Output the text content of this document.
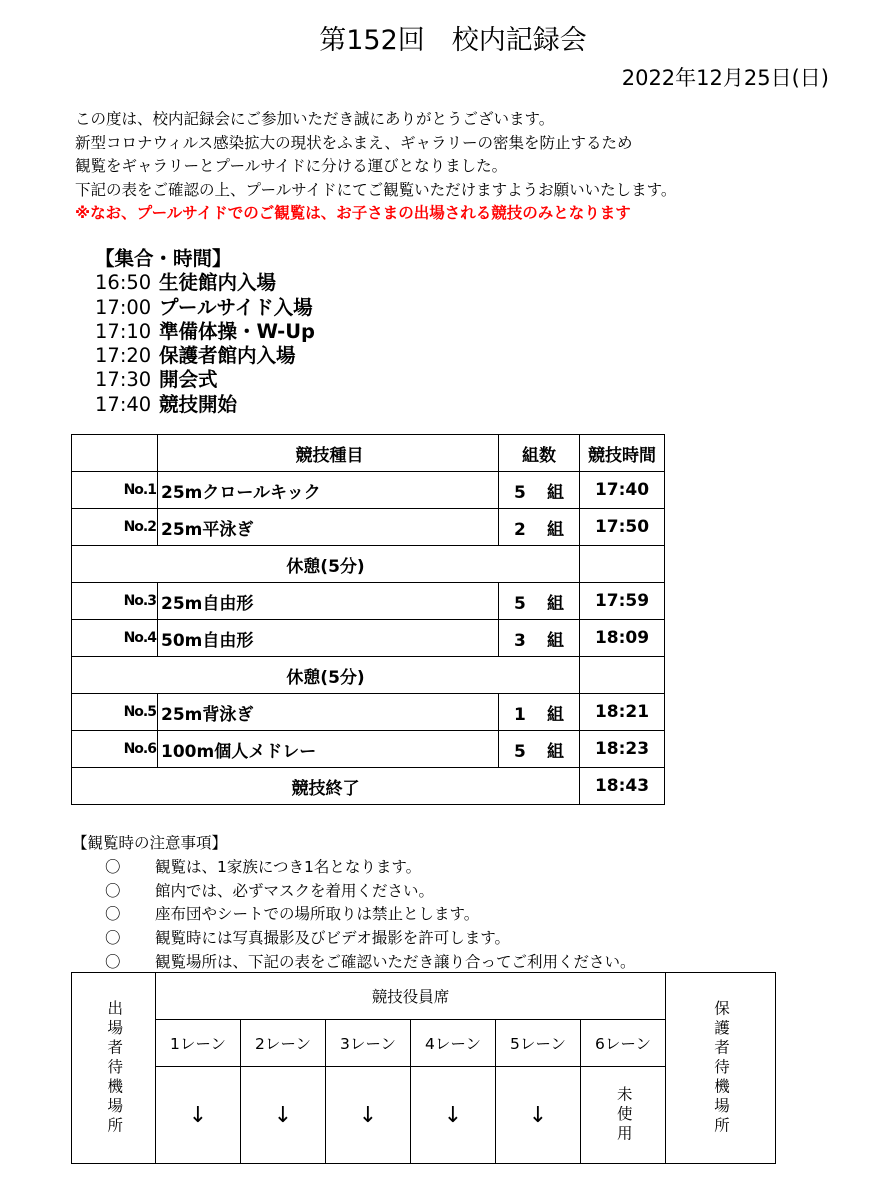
第152回　校内記録会
2022年12月25日(日)
この度は、校内記録会にご参加いただき誠にありがとうございます。
新型コロナウィルス感染拡大の現状をふまえ、ギャラリーの密集を防止するため
観覧をギャラリーとプールサイドに分ける運びとなりました。
下記の表をご確認の上、プールサイドにてご観覧いただけますようお願いいたします。
※なお、プールサイドでのご観覧は、お子さまの出場される競技のみとなります
【集合・時間】
16:50 生徒館内入場
17:00 プールサイド入場
17:10 準備体操・W-Up
17:20 保護者館内入場
17:30 開会式
17:40 競技開始
	競技種目	組数	競技時間
No.1	25mクロールキック	5 組	17:40
No.2	25m平泳ぎ	2 組	17:50
休憩(5分)			
No.3	25m自由形	5 組	17:59
No.4	50m自由形	3 組	18:09
休憩(5分)			
No.5	25m背泳ぎ	1 組	18:21
No.6	100m個人メドレー	5 組	18:23
競技終了			18:43
【観覧時の注意事項】
〇 観覧は、1家族につき1名となります。
〇 館内では、必ずマスクを着用ください。
〇 座布団やシートでの場所取りは禁止とします。
〇 観覧時には写真撮影及びビデオ撮影を許可します。
〇 観覧場所は、下記の表をご確認いただき譲り合ってご利用ください。
出場者待機場所	競技役員席						保護者待機場所

	1レーン	2レーン	3レーン	4レーン	5レーン	6レーン	
	↓	↓	↓	↓	↓	未使用	
